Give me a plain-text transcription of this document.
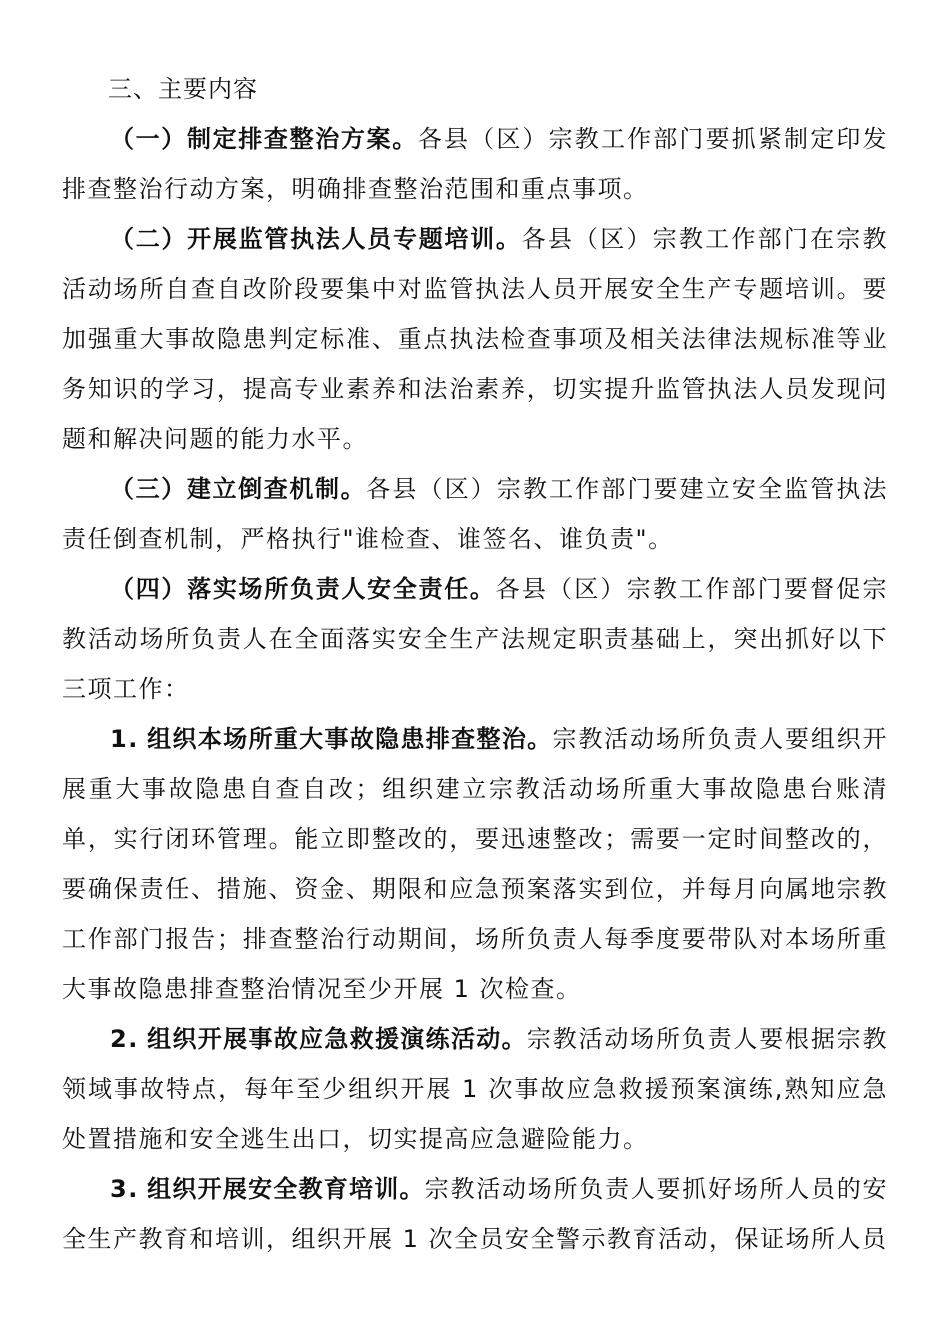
三、主要内容

（一）制定排查整治方案。各县（区）宗教工作部门要抓紧制定印发排查整治行动方案，明确排查整治范围和重点事项。

（二）开展监管执法人员专题培训。各县（区）宗教工作部门在宗教活动场所自查自改阶段要集中对监管执法人员开展安全生产专题培训。要加强重大事故隐患判定标准、重点执法检查事项及相关法律法规标准等业务知识的学习，提高专业素养和法治素养，切实提升监管执法人员发现问题和解决问题的能力水平。

（三）建立倒查机制。各县（区）宗教工作部门要建立安全监管执法责任倒查机制，严格执行"谁检查、谁签名、谁负责"。

（四）落实场所负责人安全责任。各县（区）宗教工作部门要督促宗教活动场所负责人在全面落实安全生产法规定职责基础上，突出抓好以下三项工作：

1. 组织本场所重大事故隐患排查整治。宗教活动场所负责人要组织开展重大事故隐患自查自改；组织建立宗教活动场所重大事故隐患台账清单，实行闭环管理。能立即整改的，要迅速整改；需要一定时间整改的，要确保责任、措施、资金、期限和应急预案落实到位，并每月向属地宗教工作部门报告；排查整治行动期间，场所负责人每季度要带队对本场所重大事故隐患排查整治情况至少开展 1 次检查。

2. 组织开展事故应急救援演练活动。宗教活动场所负责人要根据宗教领域事故特点，每年至少组织开展 1 次事故应急救援预案演练,熟知应急处置措施和安全逃生出口，切实提高应急避险能力。

3. 组织开展安全教育培训。宗教活动场所负责人要抓好场所人员的安全生产教育和培训，组织开展 1 次全员安全警示教育活动，保证场所人员
